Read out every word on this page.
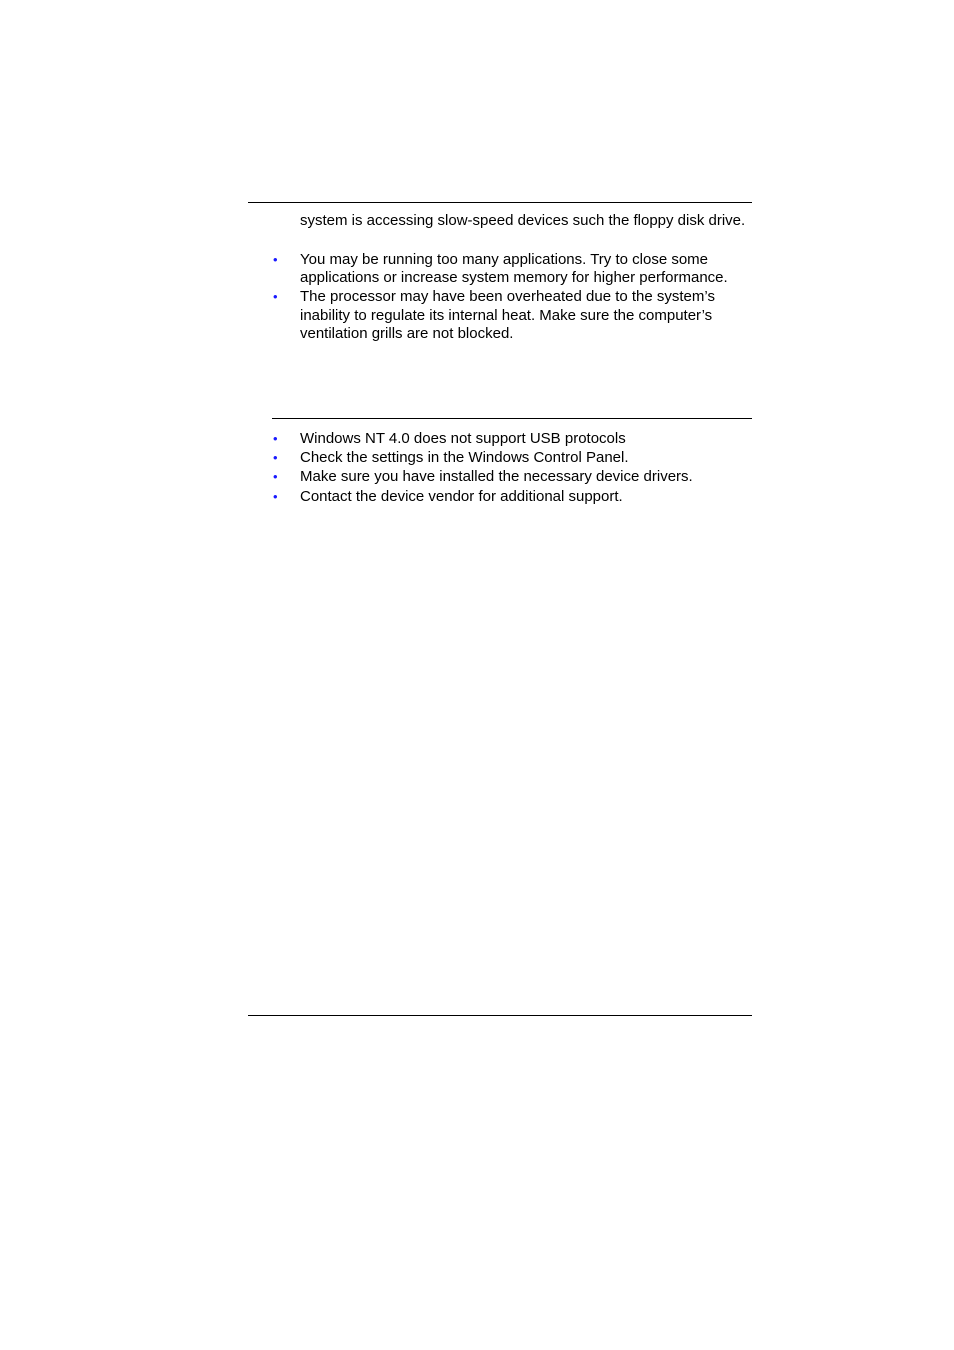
system is accessing slow-speed devices such the floppy disk drive.

•	You may be running too many applications. Try to close some applications or increase system memory for higher performance.
•	The processor may have been overheated due to the system’s inability to regulate its internal heat. Make sure the computer’s ventilation grills are not blocked.
•	Windows NT 4.0 does not support USB protocols
•	Check the settings in the Windows Control Panel.
•	Make sure you have installed the necessary device drivers.
•	Contact the device vendor for additional support.
